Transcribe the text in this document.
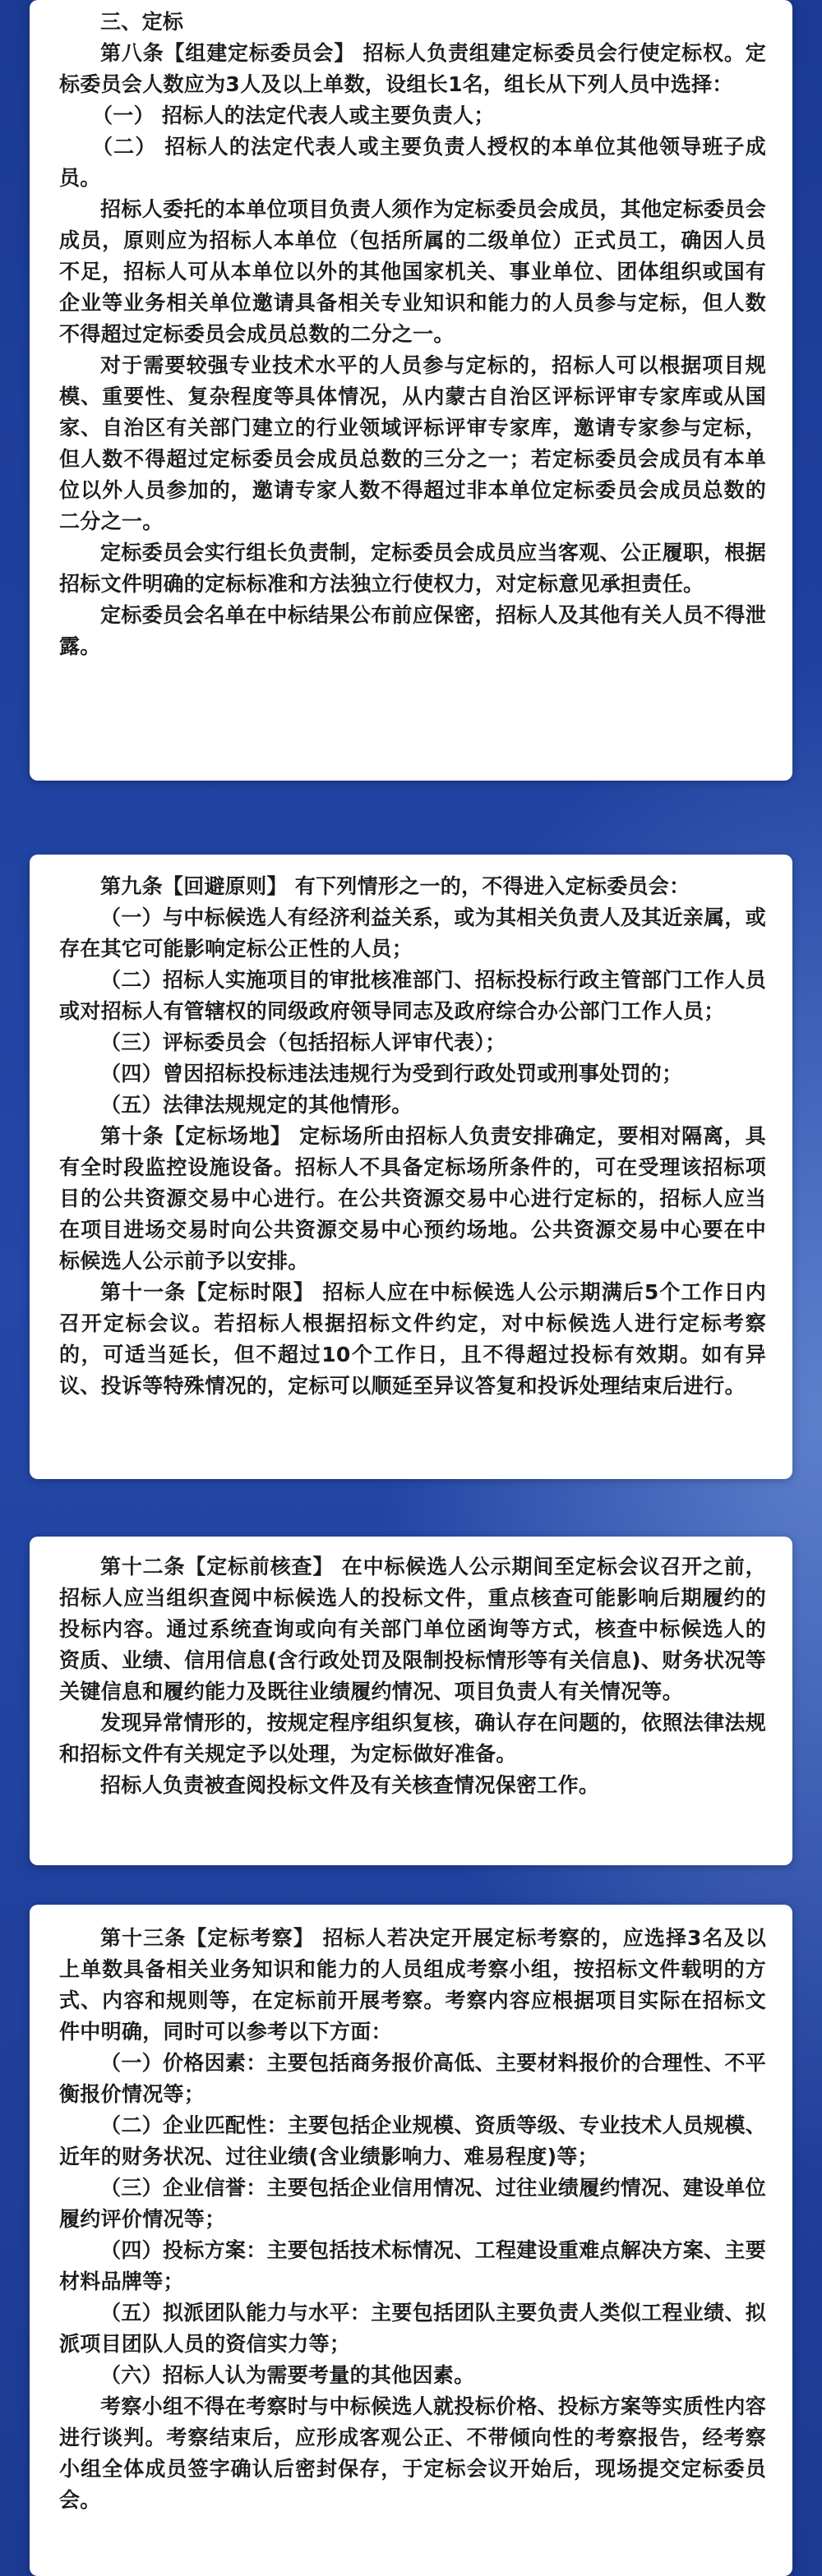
三、定标

第八条【组建定标委员会】 招标人负责组建定标委员会行使定标权。定标委员会人数应为3人及以上单数，设组长1名，组长从下列人员中选择：

（一） 招标人的法定代表人或主要负责人；

（二） 招标人的法定代表人或主要负责人授权的本单位其他领导班子成员。

招标人委托的本单位项目负责人须作为定标委员会成员，其他定标委员会成员，原则应为招标人本单位（包括所属的二级单位）正式员工，确因人员不足，招标人可从本单位以外的其他国家机关、事业单位、团体组织或国有企业等业务相关单位邀请具备相关专业知识和能力的人员参与定标，但人数不得超过定标委员会成员总数的二分之一。

对于需要较强专业技术水平的人员参与定标的，招标人可以根据项目规模、重要性、复杂程度等具体情况，从内蒙古自治区评标评审专家库或从国家、自治区有关部门建立的行业领域评标评审专家库，邀请专家参与定标，但人数不得超过定标委员会成员总数的三分之一；若定标委员会成员有本单位以外人员参加的，邀请专家人数不得超过非本单位定标委员会成员总数的二分之一。

定标委员会实行组长负责制，定标委员会成员应当客观、公正履职，根据招标文件明确的定标标准和方法独立行使权力，对定标意见承担责任。

定标委员会名单在中标结果公布前应保密，招标人及其他有关人员不得泄露。

第九条【回避原则】 有下列情形之一的，不得进入定标委员会：

（一）与中标候选人有经济利益关系，或为其相关负责人及其近亲属，或存在其它可能影响定标公正性的人员；

（二）招标人实施项目的审批核准部门、招标投标行政主管部门工作人员或对招标人有管辖权的同级政府领导同志及政府综合办公部门工作人员；

（三）评标委员会（包括招标人评审代表）；

（四）曾因招标投标违法违规行为受到行政处罚或刑事处罚的；

（五）法律法规规定的其他情形。

第十条【定标场地】 定标场所由招标人负责安排确定，要相对隔离，具有全时段监控设施设备。招标人不具备定标场所条件的，可在受理该招标项目的公共资源交易中心进行。在公共资源交易中心进行定标的，招标人应当在项目进场交易时向公共资源交易中心预约场地。公共资源交易中心要在中标候选人公示前予以安排。

第十一条【定标时限】 招标人应在中标候选人公示期满后5个工作日内召开定标会议。若招标人根据招标文件约定，对中标候选人进行定标考察的，可适当延长，但不超过10个工作日，且不得超过投标有效期。如有异议、投诉等特殊情况的，定标可以顺延至异议答复和投诉处理结束后进行。

第十二条【定标前核查】 在中标候选人公示期间至定标会议召开之前，招标人应当组织查阅中标候选人的投标文件，重点核查可能影响后期履约的投标内容。通过系统查询或向有关部门单位函询等方式，核查中标候选人的资质、业绩、信用信息(含行政处罚及限制投标情形等有关信息)、财务状况等关键信息和履约能力及既往业绩履约情况、项目负责人有关情况等。

发现异常情形的，按规定程序组织复核，确认存在问题的，依照法律法规和招标文件有关规定予以处理，为定标做好准备。

招标人负责被查阅投标文件及有关核查情况保密工作。

第十三条【定标考察】 招标人若决定开展定标考察的，应选择3名及以上单数具备相关业务知识和能力的人员组成考察小组，按招标文件载明的方式、内容和规则等，在定标前开展考察。考察内容应根据项目实际在招标文件中明确，同时可以参考以下方面：

（一）价格因素：主要包括商务报价高低、主要材料报价的合理性、不平衡报价情况等；

（二）企业匹配性：主要包括企业规模、资质等级、专业技术人员规模、近年的财务状况、过往业绩(含业绩影响力、难易程度)等；

（三）企业信誉：主要包括企业信用情况、过往业绩履约情况、建设单位履约评价情况等；

（四）投标方案：主要包括技术标情况、工程建设重难点解决方案、主要材料品牌等；

（五）拟派团队能力与水平：主要包括团队主要负责人类似工程业绩、拟派项目团队人员的资信实力等；

（六）招标人认为需要考量的其他因素。

考察小组不得在考察时与中标候选人就投标价格、投标方案等实质性内容进行谈判。考察结束后，应形成客观公正、不带倾向性的考察报告，经考察小组全体成员签字确认后密封保存，于定标会议开始后，现场提交定标委员会。
